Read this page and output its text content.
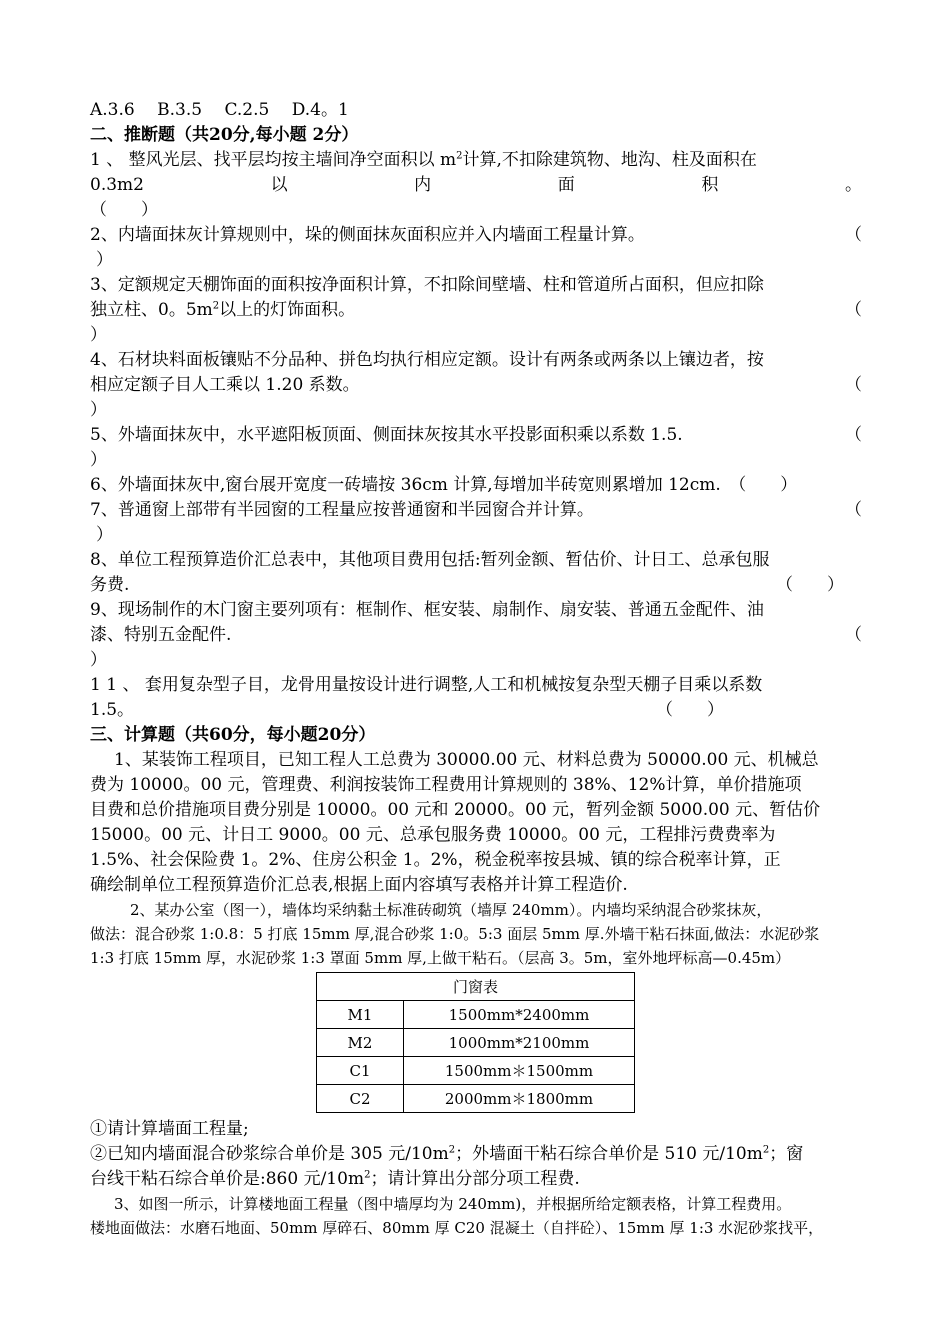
A.3.6　 B.3.5　 C.2.5　 D.4。1
二、推断题（共20分,每小题 2分）
1 、 整风光层、找平层均按主墙间净空面积以 $m^2$计算,不扣除建筑物、地沟、柱及面积在
0.3m2	以	内	面	积	。
（　　）
2、内墙面抹灰计算规则中，垛的侧面抹灰面积应并入内墙面工程量计算。	（
）
3、定额规定天棚饰面的面积按净面积计算，不扣除间壁墙、柱和管道所占面积，但应扣除
独立柱、0。$5m^2$以上的灯饰面积。	（
）
4、石材块料面板镶贴不分品种、拼色均执行相应定额。设计有两条或两条以上镶边者，按
相应定额子目人工乘以 1.20 系数。	（
）
5、外墙面抹灰中，水平遮阳板顶面、侧面抹灰按其水平投影面积乘以系数 1.5.	（
）
6、外墙面抹灰中,窗台展开宽度一砖墙按 36cm 计算,每增加半砖宽则累增加 12cm.　（　　）
7、普通窗上部带有半园窗的工程量应按普通窗和半园窗合并计算。	（
）
8、单位工程预算造价汇总表中，其他项目费用包括:暂列金额、暂估价、计日工、总承包服
务费.	（　　）
9、现场制作的木门窗主要列项有：框制作、框安装、扇制作、扇安装、普通五金配件、油
漆、特别五金配件.	（
）
1 1 、 套用复杂型子目，龙骨用量按设计进行调整,人工和机械按复杂型天棚子目乘以系数
1.5。	（　　）
三、计算题（共60分，每小题20分）
1、某装饰工程项目，已知工程人工总费为 30000.00 元、材料总费为 50000.00 元、机械总
费为 10000。00 元，管理费、利润按装饰工程费用计算规则的 38%、12%计算，单价措施项
目费和总价措施项目费分别是 10000。00 元和 20000。00 元，暂列金额 5000.00 元、暂估价
15000。00 元、计日工 9000。00 元、总承包服务费 10000。00 元，工程排污费费率为
1.5%、社会保险费 1。2%、住房公积金 1。2%，税金税率按县城、镇的综合税率计算，正
确绘制单位工程预算造价汇总表,根据上面内容填写表格并计算工程造价.
2、某办公室（图一），墙体均采纳黏土标准砖砌筑（墙厚 240mm）。内墙均采纳混合砂浆抹灰，
做法：混合砂浆 1:0.8：5 打底 15mm 厚,混合砂浆 1:0。5:3 面层 5mm 厚.外墙干粘石抹面,做法：水泥砂浆
1:3 打底 15mm 厚，水泥砂浆 1:3 罩面 5mm 厚,上做干粘石。（层高 3。5m，室外地坪标高—0.45m）
门窗表	
M1	1500mm*2400mm
M2	1000mm*2100mm
C1	1500mm＊1500mm
C2	2000mm＊1800mm
①请计算墙面工程量;
②已知内墙面混合砂浆综合单价是 305 元$/10m^2$；外墙面干粘石综合单价是 510 元$/10m^2$；窗
台线干粘石综合单价是:860 元$/10m^2$；请计算出分部分项工程费.
3、如图一所示，计算楼地面工程量（图中墙厚均为 240mm)，并根据所给定额表格，计算工程费用。
楼地面做法：水磨石地面、50mm 厚碎石、80mm 厚 C20 混凝土（自拌砼）、15mm 厚 1:3 水泥砂浆找平，
